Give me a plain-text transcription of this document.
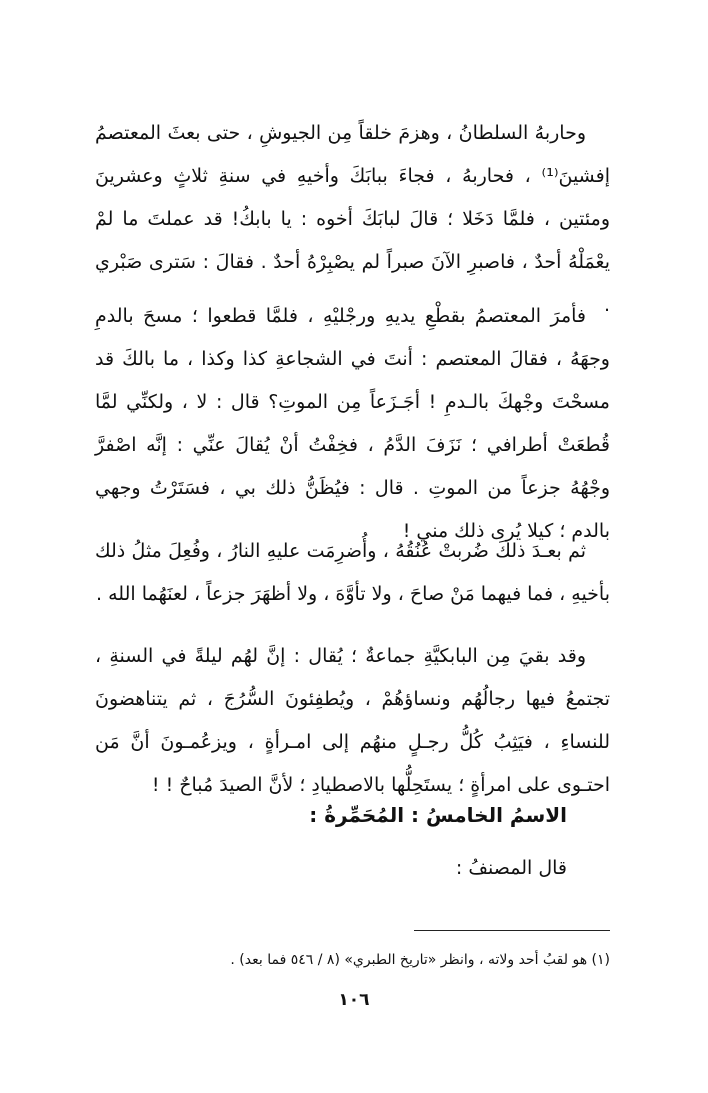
وحاربهُ السلطانُ ، وهزمَ خلقاً مِن الجيوشِ ، حتى بعثَ المعتصمُ إفشينَ⁽¹⁾ ، فحاربهُ ، فجاءَ ببابَكَ وأخيهِ في سنةِ ثلاثٍ وعشرينَ ومئتين ، فلمَّا دَخَلا ؛ قالَ لبابَكَ أخوه : يا بابكُ! قد عملتَ ما لمْ يعْمَلْهُ أحدٌ ، فاصبرِ الآنَ صبراً لم يصْبِرْهُ أحدٌ . فقالَ : سَترى صَبْري .

فأمرَ المعتصمُ بقطْعِ يديهِ ورجْليْهِ ، فلمَّا قطعوا ؛ مسحَ بالدمِ وجهَهُ ، فقالَ المعتصم : أنتَ في الشجاعةِ كذا وكذا ، ما بالكَ قد مسحْتَ وجْهكَ بالـدمِ ! أجَـزَعاً مِن الموتِ؟ قال : لا ، ولكنِّي لمَّا قُطعَتْ أطرافي ؛ نَزَفَ الدَّمُ ، فخِفْتُ أنْ يُقالَ عنِّي : إنَّه اصْفرَّ وجْهُهُ جزعاً من الموتِ . قال : فيُظَنُّ ذلك بي ، فسَتَرْتُ وجهي بالدم ؛ كيلا يُرى ذلك مني !

ثم بعـدَ ذلكَ ضُربتْ عُنُقُهُ ، وأُضرِمَت عليهِ النارُ ، وفُعِلَ مثلُ ذلك بأخيهِ ، فما فيهما مَنْ صاحَ ، ولا تأوَّهَ ، ولا أظهَرَ جزعاً ، لعنَهُما الله .

وقد بقيَ مِن البابكيَّةِ جماعةٌ ؛ يُقال : إنَّ لهُم ليلةً في السنةِ ، تجتمعُ فيها رجالُهُم ونساؤهُمْ ، ويُطفِئونَ السُّرُجَ ، ثم يتناهضونَ للنساءِ ، فيَثِبُ كُلُّ رجـلٍ منهُم إلى امـرأةٍ ، ويزعُمـونَ أنَّ مَن احتـوى على امرأةٍ ؛ يستَحِلُّها بالاصطيادِ ؛ لأنَّ الصيدَ مُباحٌ ! !

الاسمُ الخامسُ : المُحَمِّرةُ :
قال المصنفُ :
(١) هو لقبُ أحد ولاته ، وانظر «تاريخ الطبري» (٨ / ٥٤٦ فما بعد) .
١٠٦
